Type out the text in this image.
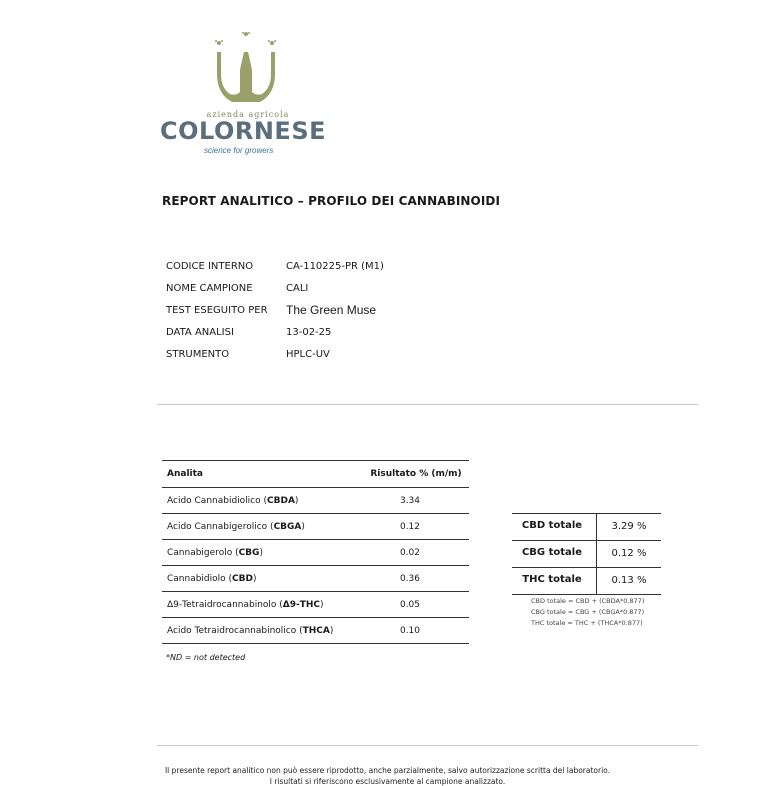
azienda agricola
COLORNESE
science for growers
REPORT ANALITICO – PROFILO DEI CANNABINOIDI
CODICE INTERNO	CA-110225-PR (M1)
NOME CAMPIONE	CALI
TEST ESEGUITO PER	The Green Muse
DATA ANALISI	13-02-25
STRUMENTO	HPLC-UV
Analita	Risultato % (m/m)
Acido Cannabidiolico (CBDA)	3.34
Acido Cannabigerolico (CBGA)	0.12
Cannabigerolo (CBG)	0.02
Cannabidiolo (CBD)	0.36
Δ9-Tetraidrocannabinolo (Δ9-THC)	0.05
Acido Tetraidrocannabinolico (THCA)	0.10
*ND = not detected
CBD totale	3.29 %
CBG totale	0.12 %
THC totale	0.13 %
CBD totale = CBD + (CBDA*0.877)
CBG totale = CBG + (CBGA*0.877)
THC totale = THC + (THCA*0.877)
Il presente report analitico non può essere riprodotto, anche parzialmente, salvo autorizzazione scritta del laboratorio.
I risultati si riferiscono esclusivamente al campione analizzato.
